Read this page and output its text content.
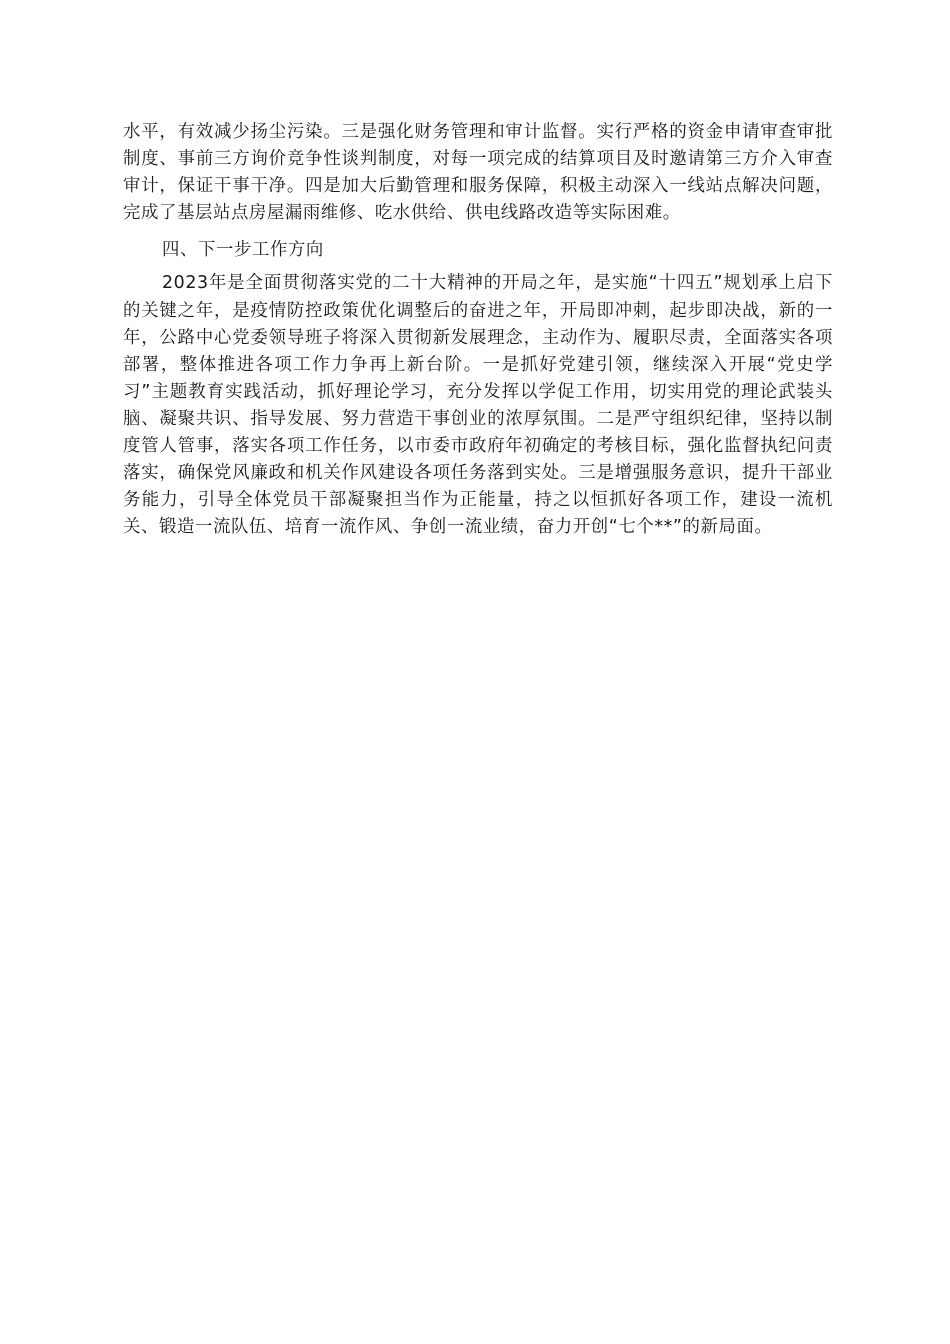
水平，有效减少扬尘污染。三是强化财务管理和审计监督。实行严格的资金申请审查审批制度、事前三方询价竞争性谈判制度，对每一项完成的结算项目及时邀请第三方介入审查审计，保证干事干净。四是加大后勤管理和服务保障，积极主动深入一线站点解决问题，完成了基层站点房屋漏雨维修、吃水供给、供电线路改造等实际困难。

四、下一步工作方向

2023年是全面贯彻落实党的二十大精神的开局之年，是实施“十四五”规划承上启下的关键之年，是疫情防控政策优化调整后的奋进之年，开局即冲刺，起步即决战，新的一年，公路中心党委领导班子将深入贯彻新发展理念，主动作为、履职尽责，全面落实各项部署，整体推进各项工作力争再上新台阶。一是抓好党建引领，继续深入开展“党史学习”主题教育实践活动，抓好理论学习，充分发挥以学促工作用，切实用党的理论武装头脑、凝聚共识、指导发展、努力营造干事创业的浓厚氛围。二是严守组织纪律，坚持以制度管人管事，落实各项工作任务，以市委市政府年初确定的考核目标，强化监督执纪问责落实，确保党风廉政和机关作风建设各项任务落到实处。三是增强服务意识，提升干部业务能力，引导全体党员干部凝聚担当作为正能量，持之以恒抓好各项工作，建设一流机关、锻造一流队伍、培育一流作风、争创一流业绩，奋力开创“七个**”的新局面。
